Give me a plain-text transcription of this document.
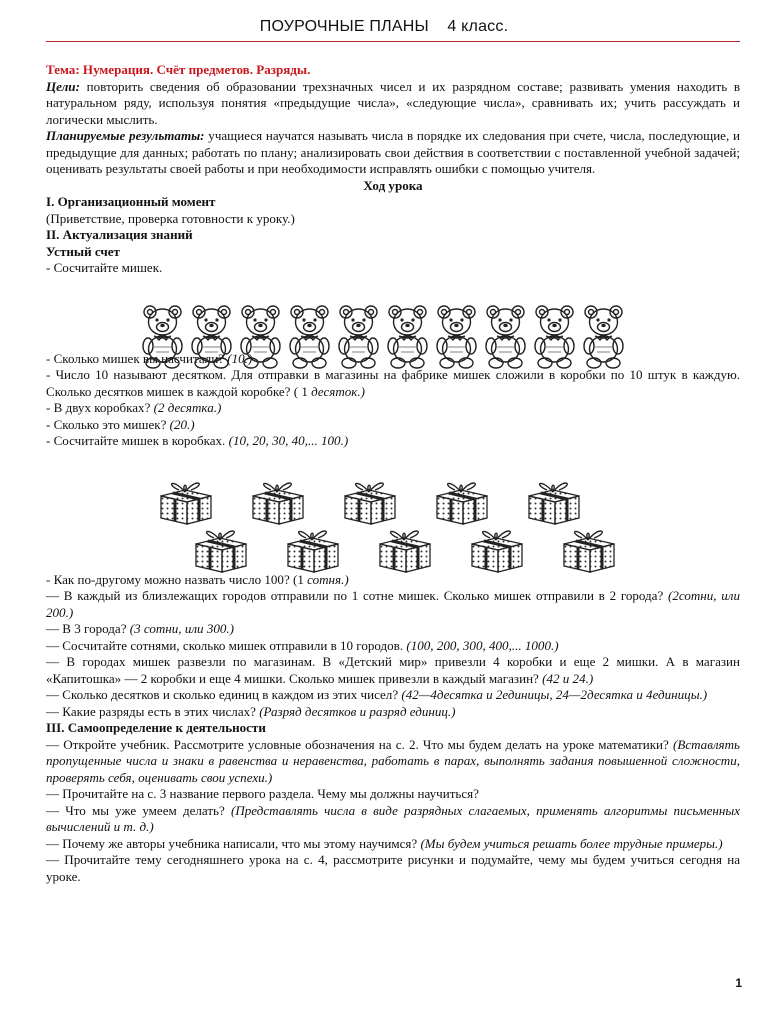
ПОУРОЧНЫЕ ПЛАНЫ    4 класс.

Тема: Нумерация. Счёт предметов. Разряды.

Цели: повторить сведения об образовании трехзначных чисел и их разрядном составе; развивать умения находить в натуральном ряду, используя понятия «предыдущие числа», «следующие числа», сравнивать их; учить рассуждать и логически мыслить.

Планируемые результаты: учащиеся научатся называть числа в порядке их следования при счете, числа, последующие, и предыдущие для данных; работать по плану; анализировать свои действия в соответствии с поставленной учебной задачей; оценивать результаты своей работы и при необходимости исправлять ошибки с помощью учителя.

Ход урока

I. Организационный момент

(Приветствие, проверка готовности к уроку.)

II. Актуализация знаний

Устный счет

- Сосчитайте мишек.

- Сколько мишек вы насчитали? (10.)

- Число 10 называют десятком. Для отправки в магазины на фабрике мишек сложили в коробки по 10 штук в каждую. Сколько десятков мишек в каждой коробке? ( 1 десяток.)

- В двух коробках? (2 десятка.)

- Сколько это мишек? (20.)

- Сосчитайте мишек в коробках. (10, 20, 30, 40,... 100.)

- Как по-другому можно назвать число 100? (1 сотня.)

— В каждый из близлежащих городов отправили по 1 сотне мишек. Сколько мишек отправили в 2 города? (2сотни, или 200.)

— В 3 города? (3 сотни, или 300.)

— Сосчитайте сотнями, сколько мишек отправили в 10 городов. (100, 200, 300, 400,... 1000.)

— В городах мишек развезли по магазинам. В «Детский мир» привезли 4 коробки и еще 2 мишки. А в магазин «Капитошка» — 2 коробки и еще 4 мишки. Сколько мишек привезли в каждый магазин? (42 и 24.)

— Сколько десятков и сколько единиц в каждом из этих чисел? (42—4десятка и 2единицы, 24—2десятка и 4единицы.)

— Какие разряды есть в этих числах? (Разряд десятков и разряд единиц.)

III. Самоопределение к деятельности

— Откройте учебник. Рассмотрите условные обозначения на с. 2. Что мы будем делать на уроке математики? (Вставлять пропущенные числа и знаки в равенства и неравенства, работать в парах, выполнять задания повышенной сложности, проверять себя, оценивать свои успехи.)

— Прочитайте на с. 3 название первого раздела. Чему мы должны научиться?

— Что мы уже умеем делать? (Представлять числа в виде разрядных слагаемых, применять алгоритмы письменных вычислений и т. д.)

— Почему же авторы учебника написали, что мы этому научимся? (Мы будем учиться решать более трудные примеры.)

— Прочитайте тему сегодняшнего урока на с. 4, рассмотрите рисунки и подумайте, чему мы будем учиться сегодня на уроке.

1
